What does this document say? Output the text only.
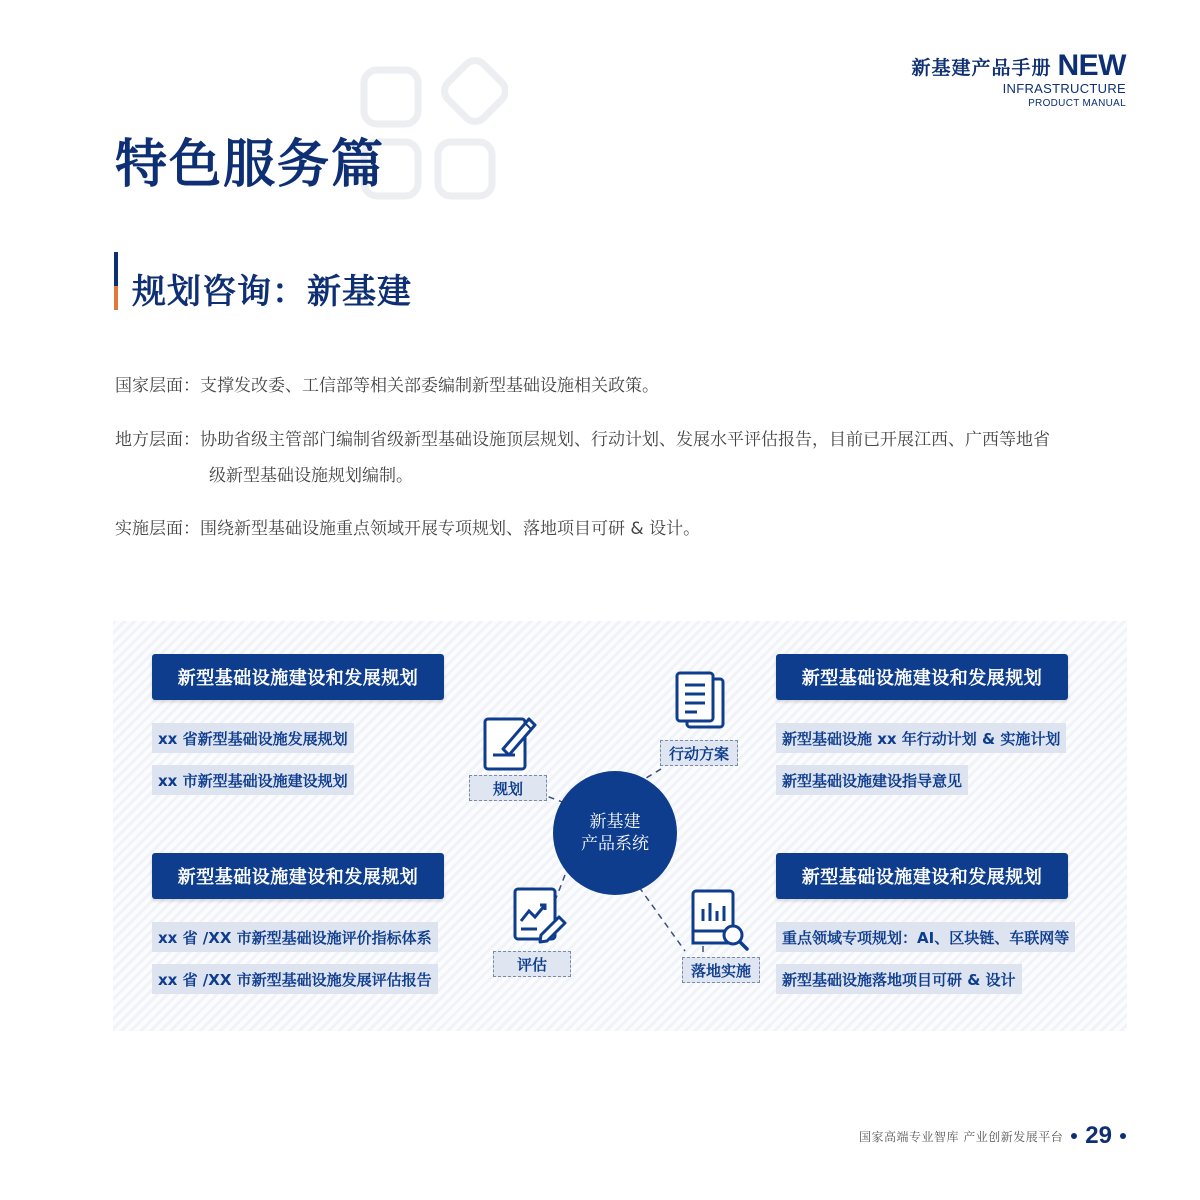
新基建产品手册 NEW
INFRASTRUCTURE
PRODUCT MANUAL
特色服务篇
规划咨询：新基建
国家层面：支撑发改委、工信部等相关部委编制新型基础设施相关政策。
地方层面：协助省级主管部门编制省级新型基础设施顶层规划、行动计划、发展水平评估报告，目前已开展江西、广西等地省
级新型基础设施规划编制。
实施层面：围绕新型基础设施重点领域开展专项规划、落地项目可研 & 设计。
新型基础设施建设和发展规划
xx 省新型基础设施发展规划
xx 市新型基础设施建设规划
新型基础设施建设和发展规划
新型基础设施 xx 年行动计划 & 实施计划
新型基础设施建设指导意见
新型基础设施建设和发展规划
xx 省 /XX 市新型基础设施评价指标体系
xx 省 /XX 市新型基础设施发展评估报告
新型基础设施建设和发展规划
重点领域专项规划：AI、区块链、车联网等
新型基础设施落地项目可研 & 设计
新基建
产品系统
规划
行动方案
评估	落地实施
国家高端专业智库 产业创新发展平台 29
